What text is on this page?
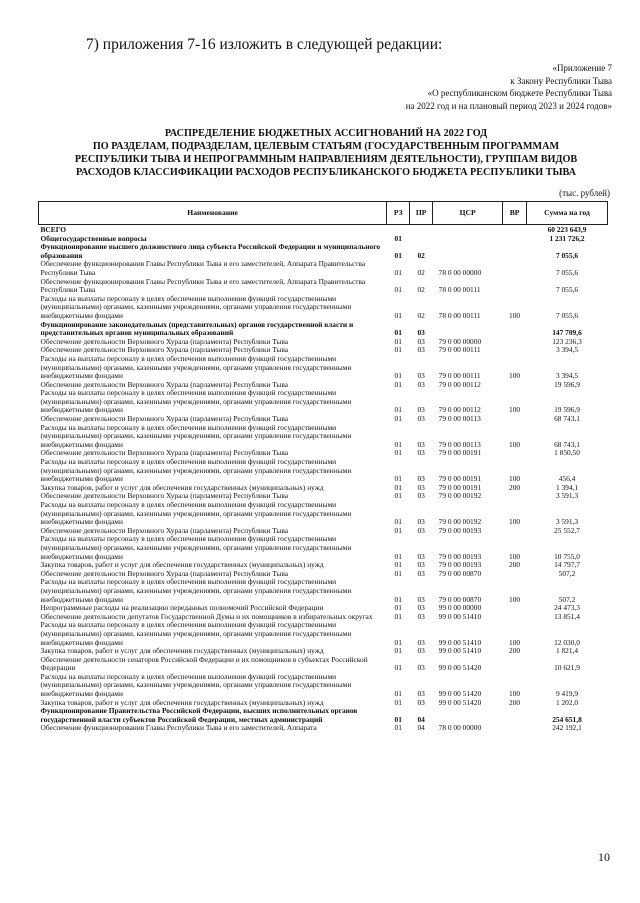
7) приложения 7-16 изложить в следующей редакции:
«Приложение 7
к Закону Республики Тыва
«О республиканском бюджете Республики Тыва
на 2022 год и на плановый период 2023 и 2024 годов»
РАСПРЕДЕЛЕНИЕ БЮДЖЕТНЫХ АССИГНОВАНИЙ НА 2022 ГОД
ПО РАЗДЕЛАМ, ПОДРАЗДЕЛАМ, ЦЕЛЕВЫМ СТАТЬЯМ (ГОСУДАРСТВЕННЫМ ПРОГРАММАМ
РЕСПУБЛИКИ ТЫВА И НЕПРОГРАММНЫМ НАПРАВЛЕНИЯМ ДЕЯТЕЛЬНОСТИ), ГРУППАМ ВИДОВ
РАСХОДОВ КЛАССИФИКАЦИИ РАСХОДОВ РЕСПУБЛИКАНСКОГО БЮДЖЕТА РЕСПУБЛИКИ ТЫВА
(тыс. рублей)
Наименование	РЗ	ПР	ЦСР	ВР	Сумма на год
ВСЕГО					60 223 643,9
Общегосударственные вопросы	01				1 231 726,2
Функционирование высшего должностного лица субъекта Российской Федерации и муниципального образования	01	02			7 055,6
Обеспечение функционирования Главы Республики Тыва и его заместителей, Аппарата Правительства Республики Тыва	01	02	78 0 00 00000		7 055,6
Обеспечение функционирования Главы Республики Тыва и его заместителей, Аппарата Правительства Республики Тыва	01	02	78 0 00 00111		7 055,6
Расходы на выплаты персоналу в целях обеспечения выполнения функций государственными (муниципальными) органами, казенными учреждениями, органами управления государственными внебюджетными фондами	01	02	78 0 00 00111	100	7 055,6
Функционирование законодательных (представительных) органов государственной власти и представительных органов муниципальных образований	01	03			147 709,6
Обеспечение деятельности Верховного Хурала (парламента) Республики Тыва	01	03	79 0 00 00000		123 236,3
Обеспечение деятельности Верховного Хурала (парламента) Республики Тыва	01	03	79 0 00 00111		3 394,5
Расходы на выплаты персоналу в целях обеспечения выполнения функций государственными (муниципальными) органами, казенными учреждениями, органами управления государственными внебюджетными фондами	01	03	79 0 00 00111	100	3 394,5
Обеспечение деятельности Верховного Хурала (парламента) Республики Тыва	01	03	79 0 00 00112		19 596,9
Расходы на выплаты персоналу в целях обеспечения выполнения функций государственными (муниципальными) органами, казенными учреждениями, органами управления государственными внебюджетными фондами	01	03	79 0 00 00112	100	19 596,9
Обеспечение деятельности Верховного Хурала (парламента) Республики Тыва	01	03	79 0 00 00113		68 743,1
Расходы на выплаты персоналу в целях обеспечения выполнения функций государственными (муниципальными) органами, казенными учреждениями, органами управления государственными внебюджетными фондами	01	03	79 0 00 00113	100	68 743,1
Обеспечение деятельности Верховного Хурала (парламента) Республики Тыва	01	03	79 0 00 00191		1 850,50
Расходы на выплаты персоналу в целях обеспечения выполнения функций государственными (муниципальными) органами, казенными учреждениями, органами управления государственными внебюджетными фондами	01	03	79 0 00 00191	100	456,4
Закупка товаров, работ и услуг для обеспечения государственных (муниципальных) нужд	01	03	79 0 00 00191	200	1 394,1
Обеспечение деятельности Верховного Хурала (парламента) Республики Тыва	01	03	79 0 00 00192		3 591,3
Расходы на выплаты персоналу в целях обеспечения выполнения функций государственными (муниципальными) органами, казенными учреждениями, органами управления государственными внебюджетными фондами	01	03	79 0 00 00192	100	3 591,3
Обеспечение деятельности Верховного Хурала (парламента) Республики Тыва	01	03	79 0 00 00193		25 552,7
Расходы на выплаты персоналу в целях обеспечения выполнения функций государственными (муниципальными) органами, казенными учреждениями, органами управления государственными внебюджетными фондами	01	03	79 0 00 00193	100	10 755,0
Закупка товаров, работ и услуг для обеспечения государственных (муниципальных) нужд	01	03	79 0 00 00193	200	14 797,7
Обеспечение деятельности Верховного Хурала (парламента) Республики Тыва	01	03	79 0 00 00870		507,2
Расходы на выплаты персоналу в целях обеспечения выполнения функций государственными (муниципальными) органами, казенными учреждениями, органами управления государственными внебюджетными фондами	01	03	79 0 00 00870	100	507,2
Непрограммные расходы на реализацию переданных полномочий Российской Федерации	01	03	99 0 00 00000		24 473,3
Обеспечение деятельности депутатов Государственной Думы и их помощников в избирательных округах	01	03	99 0 00 51410		13 851,4
Расходы на выплаты персоналу в целях обеспечения выполнения функций государственными (муниципальными) органами, казенными учреждениями, органами управления государственными внебюджетными фондами	01	03	99 0 00 51410	100	12 030,0
Закупка товаров, работ и услуг для обеспечения государственных (муниципальных) нужд	01	03	99 0 00 51410	200	1 821,4
Обеспечение деятельности сенаторов Российской Федерации и их помощников в субъектах Российской Федерации	01	03	99 0 00 51420		10 621,9
Расходы на выплаты персоналу в целях обеспечения выполнения функций государственными (муниципальными) органами, казенными учреждениями, органами управления государственными внебюджетными фондами	01	03	99 0 00 51420	100	9 419,9
Закупка товаров, работ и услуг для обеспечения государственных (муниципальных) нужд	01	03	99 0 00 51420	200	1 202,0
Функционирование Правительства Российской Федерации, высших исполнительных органов государственной власти субъектов Российской Федерации, местных администраций	01	04			254 651,8
Обеспечение функционирования Главы Республики Тыва и его заместителей, Аппарата	01	04	78 0 00 00000		242 192,1
10
